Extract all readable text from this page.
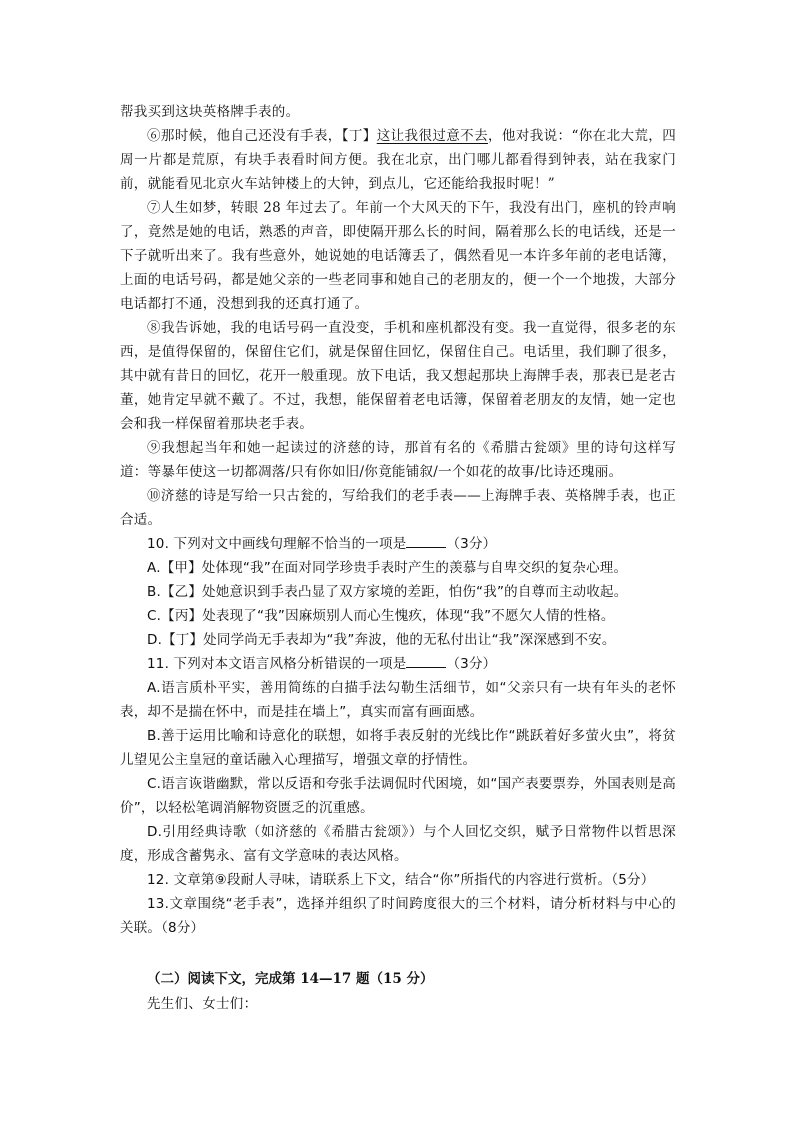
帮我买到这块英格牌手表的。

⑥那时候，他自己还没有手表，【丁】这让我很过意不去，他对我说：“你在北大荒，四周一片都是荒原，有块手表看时间方便。我在北京，出门哪儿都看得到钟表，站在我家门前，就能看见北京火车站钟楼上的大钟，到点儿，它还能给我报时呢！”

⑦人生如梦，转眼 28 年过去了。年前一个大风天的下午，我没有出门，座机的铃声响了，竟然是她的电话，熟悉的声音，即使隔开那么长的时间，隔着那么长的电话线，还是一下子就听出来了。我有些意外，她说她的电话簿丢了，偶然看见一本许多年前的老电话簿，上面的电话号码，都是她父亲的一些老同事和她自己的老朋友的，便一个一个地拨，大部分电话都打不通，没想到我的还真打通了。

⑧我告诉她，我的电话号码一直没变，手机和座机都没有变。我一直觉得，很多老的东西，是值得保留的，保留住它们，就是保留住回忆，保留住自己。电话里，我们聊了很多，其中就有昔日的回忆，花开一般重现。放下电话，我又想起那块上海牌手表，那表已是老古董，她肯定早就不戴了。不过，我想，能保留着老电话簿，保留着老朋友的友情，她一定也会和我一样保留着那块老手表。

⑨我想起当年和她一起读过的济慈的诗，那首有名的《希腊古瓮颂》里的诗句这样写道：等暴年使这一切都凋落/只有你如旧/你竟能铺叙/一个如花的故事/比诗还瑰丽。

⑩济慈的诗是写给一只古瓮的，写给我们的老手表——上海牌手表、英格牌手表，也正合适。

10. 下列对文中画线句理解不恰当的一项是	（3分）

A.【甲】处体现“我”在面对同学珍贵手表时产生的羡慕与自卑交织的复杂心理。

B.【乙】处她意识到手表凸显了双方家境的差距，怕伤“我”的自尊而主动收起。

C.【丙】处表现了“我”因麻烦别人而心生愧疚，体现“我”不愿欠人情的性格。

D.【丁】处同学尚无手表却为“我”奔波，他的无私付出让“我”深深感到不安。

11. 下列对本文语言风格分析错误的一项是	（3分）

A.语言质朴平实，善用简练的白描手法勾勒生活细节，如“父亲只有一块有年头的老怀表，却不是揣在怀中，而是挂在墙上”，真实而富有画面感。

B.善于运用比喻和诗意化的联想，如将手表反射的光线比作“跳跃着好多萤火虫”，将贫儿望见公主皇冠的童话融入心理描写，增强文章的抒情性。

C.语言诙谐幽默，常以反语和夸张手法调侃时代困境，如“国产表要票券，外国表则是高价”，以轻松笔调消解物资匮乏的沉重感。

D.引用经典诗歌（如济慈的《希腊古瓮颂》）与个人回忆交织，赋予日常物件以哲思深度，形成含蓄隽永、富有文学意味的表达风格。

12. 文章第⑨段耐人寻味，请联系上下文，结合“你”所指代的内容进行赏析。（5分）

13.文章围绕“老手表”，选择并组织了时间跨度很大的三个材料，请分析材料与中心的关联。（8分）

（二）阅读下文，完成第 14—17 题（15 分）

先生们、女士们：
